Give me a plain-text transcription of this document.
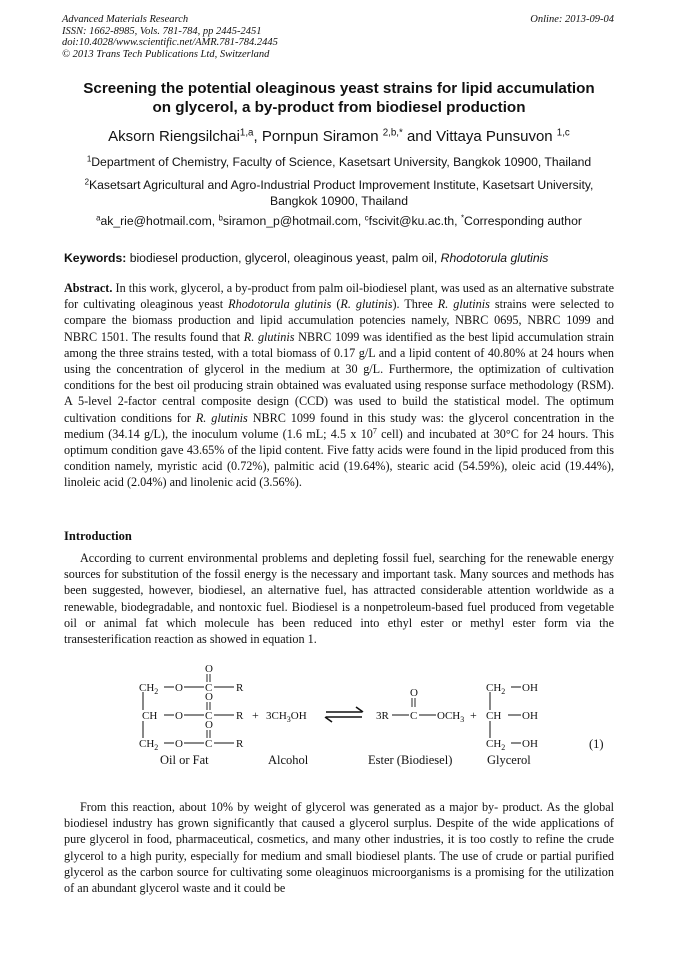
Advanced Materials Research
ISSN: 1662-8985, Vols. 781-784, pp 2445-2451
doi:10.4028/www.scientific.net/AMR.781-784.2445
© 2013 Trans Tech Publications Ltd, Switzerland
Online: 2013-09-04
Screening the potential oleaginous yeast strains for lipid accumulation
on glycerol, a by-product from biodiesel production
Aksorn Riengsilchai$^{1,a}$, Pornpun Siramon $^{2,b,*}$ and Vittaya Punsuvon $^{1,c}$
$^1$Department of Chemistry, Faculty of Science, Kasetsart University, Bangkok 10900, Thailand
$^2$Kasetsart Agricultural and Agro-Industrial Product Improvement Institute, Kasetsart University,
Bangkok 10900, Thailand
$^a$ak_rie@hotmail.com, $^b$siramon_p@hotmail.com, $^c$fscivit@ku.ac.th, *Corresponding author
Keywords: biodiesel production, glycerol, oleaginous yeast, palm oil, Rhodotorula glutinis
Abstract. In this work, glycerol, a by-product from palm oil-biodiesel plant, was used as an alternative substrate for cultivating oleaginous yeast Rhodotorula glutinis (R. glutinis). Three R. glutinis strains were selected to compare the biomass production and lipid accumulation potencies namely, NBRC 0695, NBRC 1099 and NBRC 1501. The results found that R. glutinis NBRC 1099 was identified as the best lipid accumulation strain among the three strains tested, with a total biomass of 0.17 g/L and a lipid content of 40.80% at 24 hours when using the concentration of glycerol in the medium at 30 g/L. Furthermore, the optimization of cultivation conditions for the best oil producing strain obtained was evaluated using response surface methodology (RSM). A 5-level 2-factor central composite design (CCD) was used to build the statistical model. The optimum cultivation conditions for R. glutinis NBRC 1099 found in this study was: the glycerol concentration in the medium (34.14 g/L), the inoculum volume (1.6 mL; 4.5 x $10^7$ cell) and incubated at 30°C for 24 hours. This optimum condition gave 43.65% of the lipid content. Five fatty acids were found in the lipid produced from this condition namely, myristic acid (0.72%), palmitic acid (19.64%), stearic acid (54.59%), oleic acid (19.44%), linoleic acid (2.04%) and linolenic acid (3.56%).
Introduction
According to current environmental problems and depleting fossil fuel, searching for the renewable energy sources for substitution of the fossil energy is the necessary and important task. Many sources and methods has been suggested, however, biodiesel, an alternative fuel, has attracted considerable attention worldwide as a renewable, biodegradable, and nontoxic fuel. Biodiesel is a nonpetroleum-based fuel produced from vegetable oil or animal fat which molecule has been reduced into ethyl ester or methyl ester form via the transesterification reaction as showed in equation 1.
$CH_2$ O C R
O
CH O C R
O
$CH_2$ O C R
O
+ $3CH_3OH$	3R C $OCH_3$
O
+
$CH_2$ OH
CH OH
$CH_2$ OH
Oil or Fat	Alcohol	Ester (Biodiesel)	Glycerol
(1)
From this reaction, about 10% by weight of glycerol was generated as a major by- product. As the global biodiesel industry has grown significantly that caused a glycerol surplus. Despite of the wide applications of pure glycerol in food, pharmaceutical, cosmetics, and many other industries, it is too costly to refine the crude glycerol to a high purity, especially for medium and small biodiesel plants. The use of crude or partial purified glycerol as the carbon source for cultivating some oleaginuos microorganisms is a promising for the utilization of an abundant glycerol waste and it could be
